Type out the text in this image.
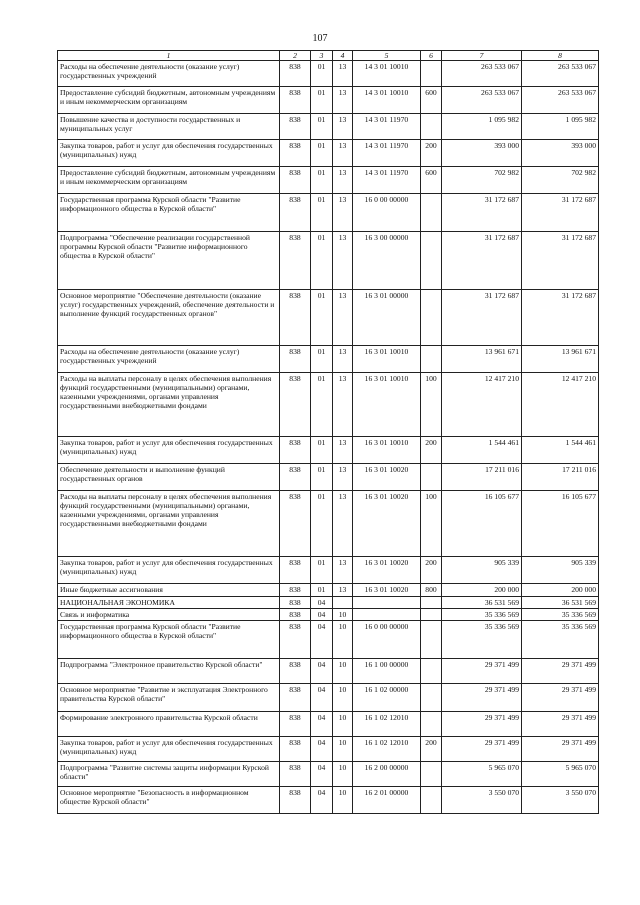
107
1	2	3	4	5	6	7	8
Расходы на обеспечение деятельности (оказание услуг) государственных учреждений	838	01	13	14 3 01 10010		263 533 067	263 533 067
Предоставление субсидий бюджетным, автономным учреждениям и иным некоммерческим организациям	838	01	13	14 3 01 10010	600	263 533 067	263 533 067
Повышение качества и доступности государственных и муниципальных услуг	838	01	13	14 3 01 11970		1 095 982	1 095 982
Закупка товаров, работ и услуг для обеспечения государственных (муниципальных) нужд	838	01	13	14 3 01 11970	200	393 000	393 000
Предоставление субсидий бюджетным, автономным учреждениям и иным некоммерческим организациям	838	01	13	14 3 01 11970	600	702 982	702 982
Государственная программа Курской области "Развитие информационного общества в Курской области"	838	01	13	16 0 00 00000		31 172 687	31 172 687
Подпрограмма "Обеспечение реализации государственной программы Курской области "Развитие информационного общества в Курской области"	838	01	13	16 3 00 00000		31 172 687	31 172 687
Основное мероприятие "Обеспечение деятельности (оказание услуг) государственных учреждений, обеспечение деятельности и выполнение функций государственных органов"	838	01	13	16 3 01 00000		31 172 687	31 172 687
Расходы на обеспечение деятельности (оказание услуг) государственных учреждений	838	01	13	16 3 01 10010		13 961 671	13 961 671
Расходы на выплаты персоналу в целях обеспечения выполнения функций государственными (муниципальными) органами, казенными учреждениями, органами управления государственными внебюджетными фондами	838	01	13	16 3 01 10010	100	12 417 210	12 417 210
Закупка товаров, работ и услуг для обеспечения государственных (муниципальных) нужд	838	01	13	16 3 01 10010	200	1 544 461	1 544 461
Обеспечение деятельности и выполнение функций государственных органов	838	01	13	16 3 01 10020		17 211 016	17 211 016
Расходы на выплаты персоналу в целях обеспечения выполнения функций государственными (муниципальными) органами, казенными учреждениями, органами управления государственными внебюджетными фондами	838	01	13	16 3 01 10020	100	16 105 677	16 105 677
Закупка товаров, работ и услуг для обеспечения государственных (муниципальных) нужд	838	01	13	16 3 01 10020	200	905 339	905 339
Иные бюджетные ассигнования	838	01	13	16 3 01 10020	800	200 000	200 000
НАЦИОНАЛЬНАЯ ЭКОНОМИКА	838	04				36 531 569	36 531 569
Связь и информатика	838	04	10			35 336 569	35 336 569
Государственная программа Курской области "Развитие информационного общества в Курской области"	838	04	10	16 0 00 00000		35 336 569	35 336 569
Подпрограмма "Электронное правительство Курской области"	838	04	10	16 1 00 00000		29 371 499	29 371 499
Основное мероприятие "Развитие и эксплуатация Электронного правительства Курской области"	838	04	10	16 1 02 00000		29 371 499	29 371 499
Формирование электронного правительства Курской области	838	04	10	16 1 02 12010		29 371 499	29 371 499
Закупка товаров, работ и услуг для обеспечения государственных (муниципальных) нужд	838	04	10	16 1 02 12010	200	29 371 499	29 371 499
Подпрограмма "Развитие системы защиты информации Курской области"	838	04	10	16 2 00 00000		5 965 070	5 965 070
Основное мероприятие "Безопасность в информационном обществе Курской области"	838	04	10	16 2 01 00000		3 550 070	3 550 070
